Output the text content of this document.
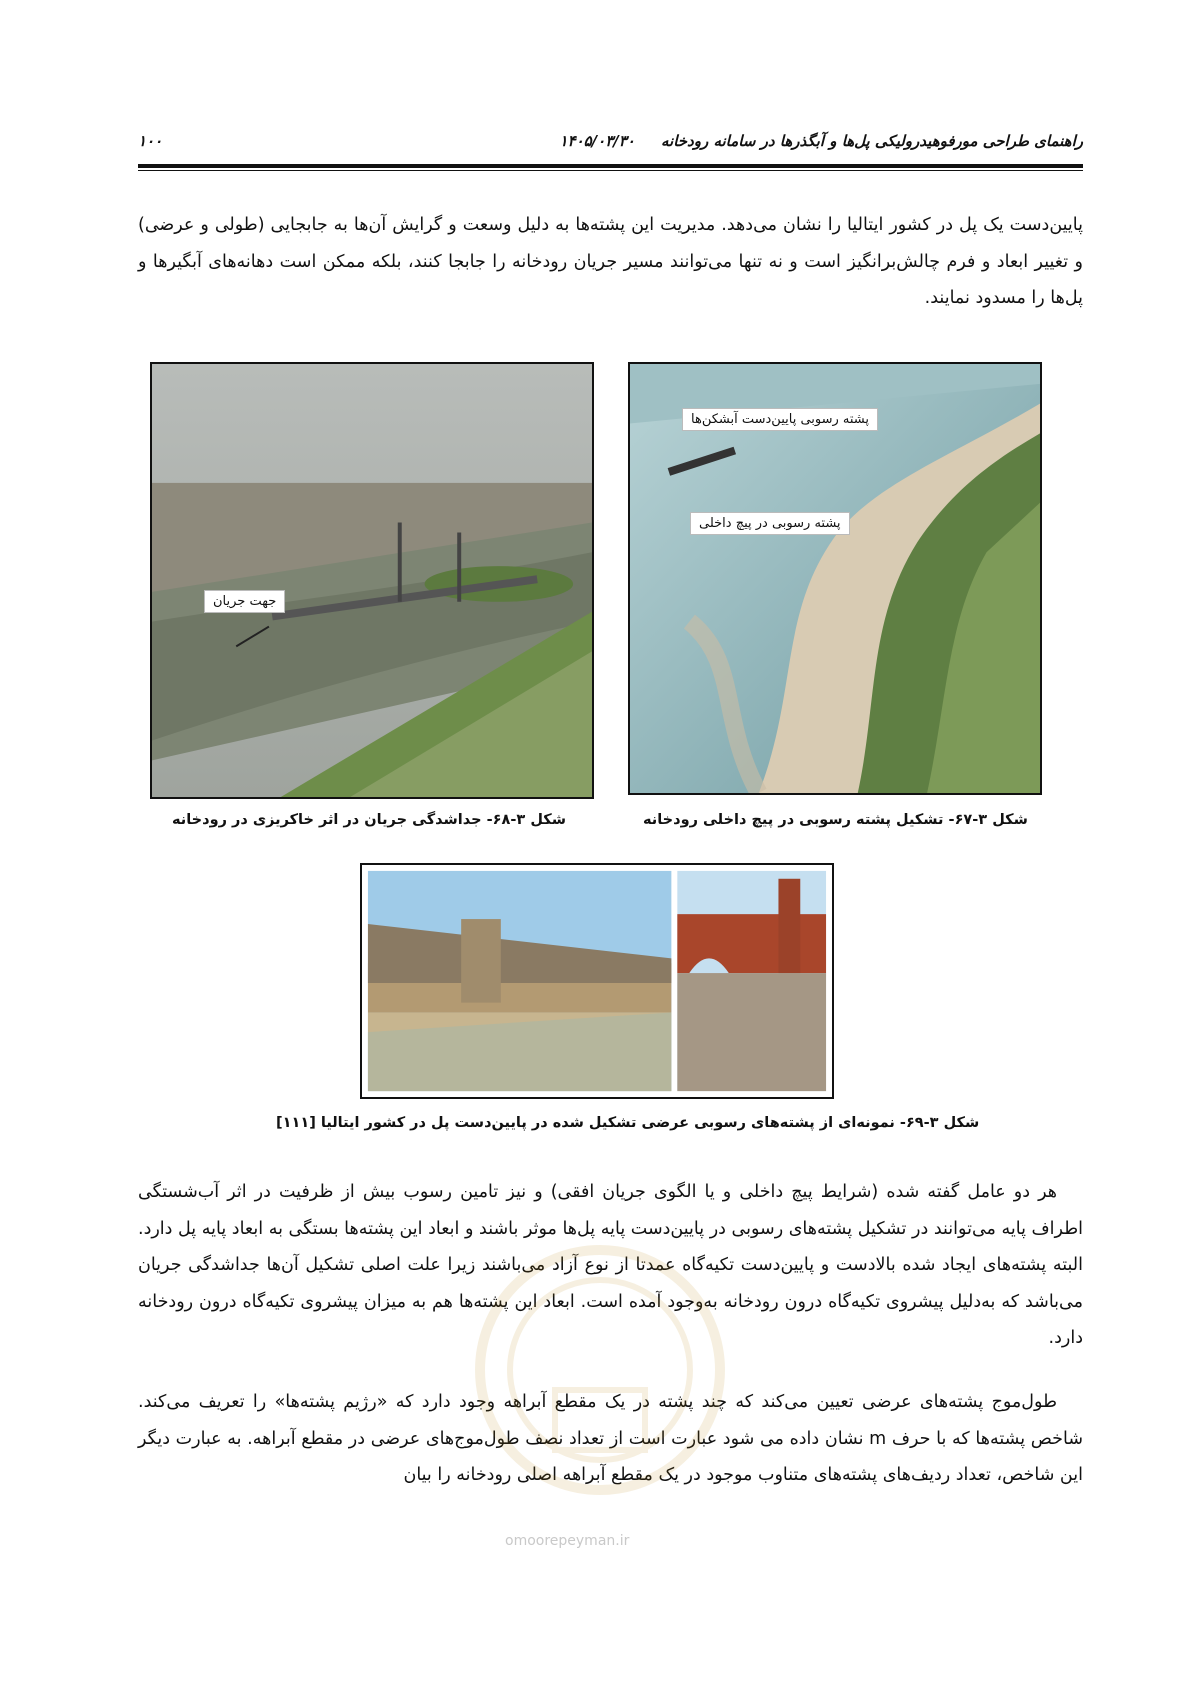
۱۰۰	راهنمای طراحی مورفوهیدرولیکی پل‌ها و آبگذرها در سامانه رودخانه     ۱۴۰۵/۰۳/۳۰

پایین‌دست یک پل در کشور ایتالیا را نشان می‌دهد. مدیریت این پشته‌ها به دلیل وسعت و گرایش آن‌ها به جابجایی (طولی و عرضی) و تغییر ابعاد و فرم چالش‌برانگیز است و نه تنها می‌توانند مسیر جریان رودخانه را جابجا کنند، بلکه ممکن است دهانه‌های آبگیرها و پل‌ها را مسدود نمایند.

پشته رسوبی پایین‌دست آبشکن‌ها
پشته رسوبی در پیچ داخلی
شکل ۳-۶۷- تشکیل پشته رسوبی در پیچ داخلی رودخانه
جهت جریان
شکل ۳-۶۸- جداشدگی جریان در اثر خاکریزی در رودخانه
شکل ۳-۶۹- نمونه‌ای از پشته‌های رسوبی عرضی تشکیل شده در پایین‌دست پل در کشور ایتالیا [۱۱۱]

هر دو عامل گفته شده (شرایط پیچ داخلی و یا الگوی جریان افقی) و نیز تامین رسوب بیش از ظرفیت در اثر آب‌شستگی اطراف پایه می‌توانند در تشکیل پشته‌های رسوبی در پایین‌دست پایه پل‌ها موثر باشند و ابعاد این پشته‌ها بستگی به ابعاد پایه پل دارد. البته پشته‌های ایجاد شده بالادست و پایین‌دست تکیه‌گاه عمدتا از نوع آزاد می‌باشند زیرا علت اصلی تشکیل آن‌ها جداشدگی جریان می‌باشد که به‌دلیل پیشروی تکیه‌گاه درون رودخانه به‌وجود آمده است. ابعاد این پشته‌ها هم به میزان پیشروی تکیه‌گاه درون رودخانه دارد.

طول‌موج پشته‌های عرضی تعیین می‌کند که چند پشته در یک مقطع آبراهه وجود دارد که «رژیم پشته‌ها» را تعریف می‌کند. شاخص پشته‌ها که با حرف m نشان داده می شود عبارت است از تعداد نصف طول‌موج‌های عرضی در مقطع آبراهه. به عبارت دیگر این شاخص، تعداد ردیف‌های پشته‌های متناوب موجود در یک مقطع آبراهه اصلی رودخانه را بیان

omoorepeyman.ir
